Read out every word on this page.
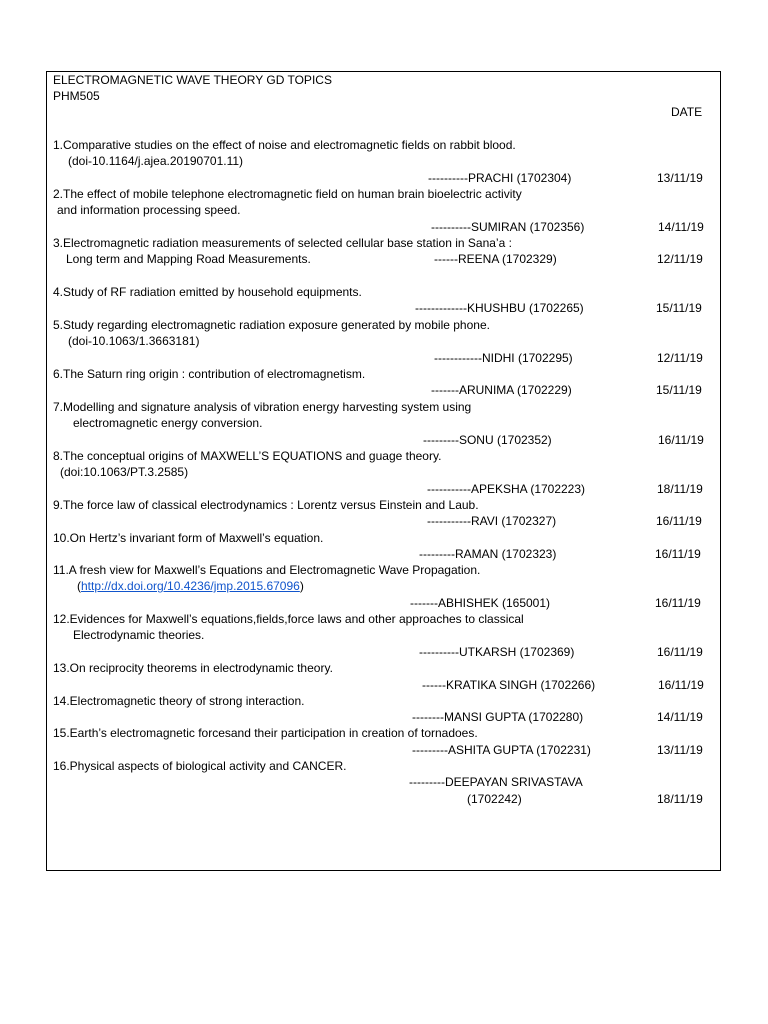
ELECTROMAGNETIC WAVE THEORY GD TOPICS
PHM505
DATE
1.Comparative studies on the effect of noise and electromagnetic fields on rabbit blood.
(doi-10.1164/j.ajea.20190701.11)
----------PRACHI (1702304)	13/11/19
2.The effect of mobile telephone electromagnetic field on human brain bioelectric activity
and information processing speed.
----------SUMIRAN (1702356)	14/11/19
3.Electromagnetic radiation measurements of selected cellular base station in Sana’a :
Long term and Mapping Road Measurements.	------REENA (1702329)	12/11/19
4.Study of RF radiation emitted by household equipments.
-------------KHUSHBU (1702265)	15/11/19
5.Study regarding electromagnetic radiation exposure generated by mobile phone.
(doi-10.1063/1.3663181)
------------NIDHI (1702295)	12/11/19
6.The Saturn ring origin : contribution of electromagnetism.
-------ARUNIMA (1702229)	15/11/19
7.Modelling and signature analysis of vibration energy harvesting system using
electromagnetic energy conversion.
---------SONU (1702352)	16/11/19
8.The conceptual origins of MAXWELL’S EQUATIONS and guage theory.
(doi:10.1063/PT.3.2585)
-----------APEKSHA (1702223)	18/11/19
9.The force law of classical electrodynamics : Lorentz versus Einstein and Laub.
-----------RAVI (1702327)	16/11/19
10.On Hertz’s invariant form of Maxwell’s equation.
---------RAMAN (1702323)	16/11/19
11.A fresh view for Maxwell’s Equations and Electromagnetic Wave Propagation.
(http://dx.doi.org/10.4236/jmp.2015.67096)
-------ABHISHEK (165001)	16/11/19
12.Evidences for Maxwell’s equations,fields,force laws and other approaches to classical
Electrodynamic theories.
----------UTKARSH (1702369)	16/11/19
13.On reciprocity theorems in electrodynamic theory.
------KRATIKA SINGH (1702266)	16/11/19
14.Electromagnetic theory of strong interaction.
--------MANSI GUPTA (1702280)	14/11/19
15.Earth’s electromagnetic forcesand their participation in creation of tornadoes.
---------ASHITA GUPTA (1702231)	13/11/19
16.Physical aspects of biological activity and CANCER.
---------DEEPAYAN SRIVASTAVA
(1702242)	18/11/19
